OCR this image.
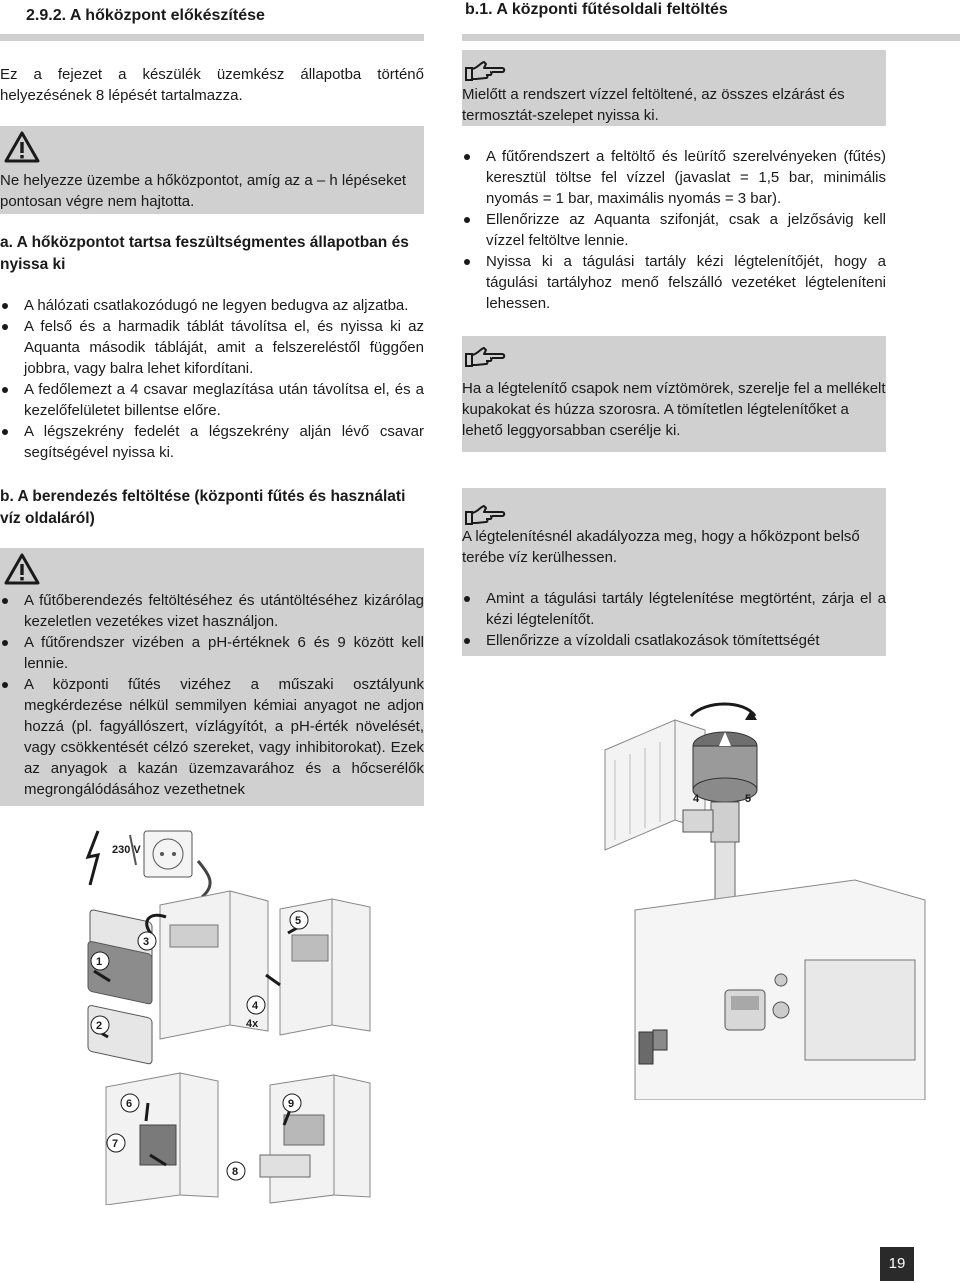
2.9.2. A hőközpont előkészítése
Ez a fejezet a készülék üzemkész állapotba történő helyezésének 8 lépését tartalmazza.
Ne helyezze üzembe a hőközpontot, amíg az a – h lépéseket pontosan végre nem hajtotta.
a. A hőközpontot tartsa feszültségmentes állapotban és nyissa ki
A hálózati csatlakozódugó ne legyen bedugva az aljzatba.
A felső és a harmadik táblát távolítsa el, és nyissa ki az Aquanta második tábláját, amit a felszereléstől függően jobbra, vagy balra lehet kifordítani.
A fedőlemezt a 4 csavar meglazítása után távolítsa el, és a kezelőfelületet billentse előre.
A légszekrény fedelét a légszekrény alján lévő csavar segítségével nyissa ki.
b. A berendezés feltöltése (központi fűtés és használati víz oldaláról)
A fűtőberendezés feltöltéséhez és utántöltéséhez kizárólag kezeletlen vezetékes vizet használjon.
A fűtőrendszer vizében a pH-értéknek 6 és 9 között kell lennie.
A központi fűtés vizéhez a műszaki osztályunk megkérdezése nélkül semmilyen kémiai anyagot ne adjon hozzá (pl. fagyállószert, vízlágyítót, a pH-érték növelését, vagy csökkentését célzó szereket, vagy inhibitorokat). Ezek az anyagok a kazán üzemzavarához és a hőcserélők megrongálódásához vezethetnek
230 V
1
2
3
5
4
4x
6
7
8
9
b.1. A központi fűtésoldali feltöltés
Mielőtt a rendszert vízzel feltöltené, az összes elzárást és termosztát-szelepet nyissa ki.
A fűtőrendszert a feltöltő és leürítő szerelvényeken (fűtés) keresztül töltse fel vízzel (javaslat = 1,5 bar, minimális nyomás = 1 bar, maximális nyomás = 3 bar).
Ellenőrizze az Aquanta szifonját, csak a jelzősávig kell vízzel feltöltve lennie.
Nyissa ki a tágulási tartály kézi légtelenítőjét, hogy a tágulási tartályhoz menő felszálló vezetéket légteleníteni lehessen.
Ha a légtelenítő csapok nem víztömörek, szerelje fel a mellékelt kupakokat és húzza szorosra. A tömítetlen légtelenítőket a lehető leggyorsabban cserélje ki.
A légtelenítésnél akadályozza meg, hogy a hőközpont belső terébe víz kerülhessen.
Amint a tágulási tartály légtelenítése megtörtént, zárja el a kézi légtelenítőt.
Ellenőrizze a vízoldali csatlakozások tömítettségét
4	5
19
